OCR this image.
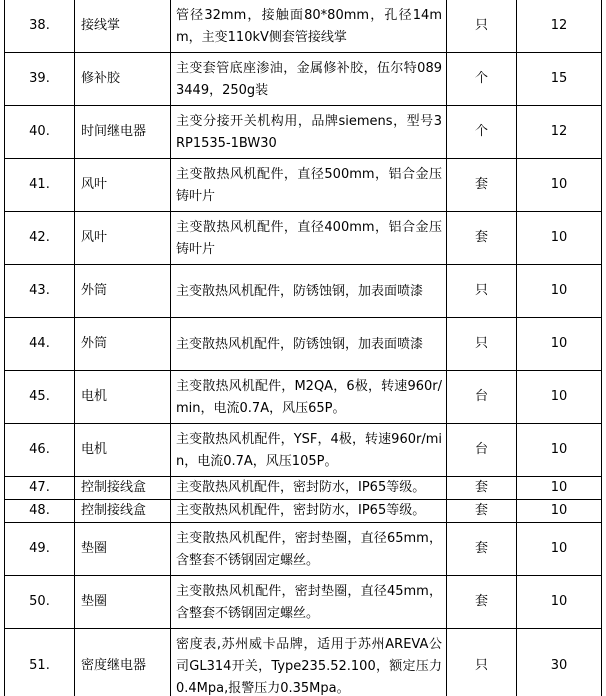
38.	接线掌	管径32mm，接触面80*80mm，孔径14mm，主变110kV侧套管接线掌	只	12
39.	修补胶	主变套管底座渗油，金属修补胶，伍尔特0893449，250g装	个	15
40.	时间继电器	主变分接开关机构用，品牌siemens，型号3RP1535-1BW30	个	12
41.	风叶	主变散热风机配件，直径500mm，铝合金压铸叶片	套	10
42.	风叶	主变散热风机配件，直径400mm，铝合金压铸叶片	套	10
43.	外筒	主变散热风机配件，防锈蚀钢，加表面喷漆	只	10
44.	外筒	主变散热风机配件，防锈蚀钢，加表面喷漆	只	10
45.	电机	主变散热风机配件，M2QA，6极，转速960r/min，电流0.7A，风压65P。	台	10
46.	电机	主变散热风机配件，YSF，4极，转速960r/min，电流0.7A，风压105P。	台	10
47.	控制接线盒	主变散热风机配件，密封防水，IP65等级。	套	10
48.	控制接线盒	主变散热风机配件，密封防水，IP65等级。	套	10
49.	垫圈	主变散热风机配件，密封垫圈，直径65mm，含整套不锈钢固定螺丝。	套	10
50.	垫圈	主变散热风机配件，密封垫圈，直径45mm，含整套不锈钢固定螺丝。	套	10
51.	密度继电器	密度表,苏州威卡品牌，适用于苏州AREVA公司GL314开关，Type235.52.100，额定压力0.4Mpa,报警压力0.35Mpa。	只	30
